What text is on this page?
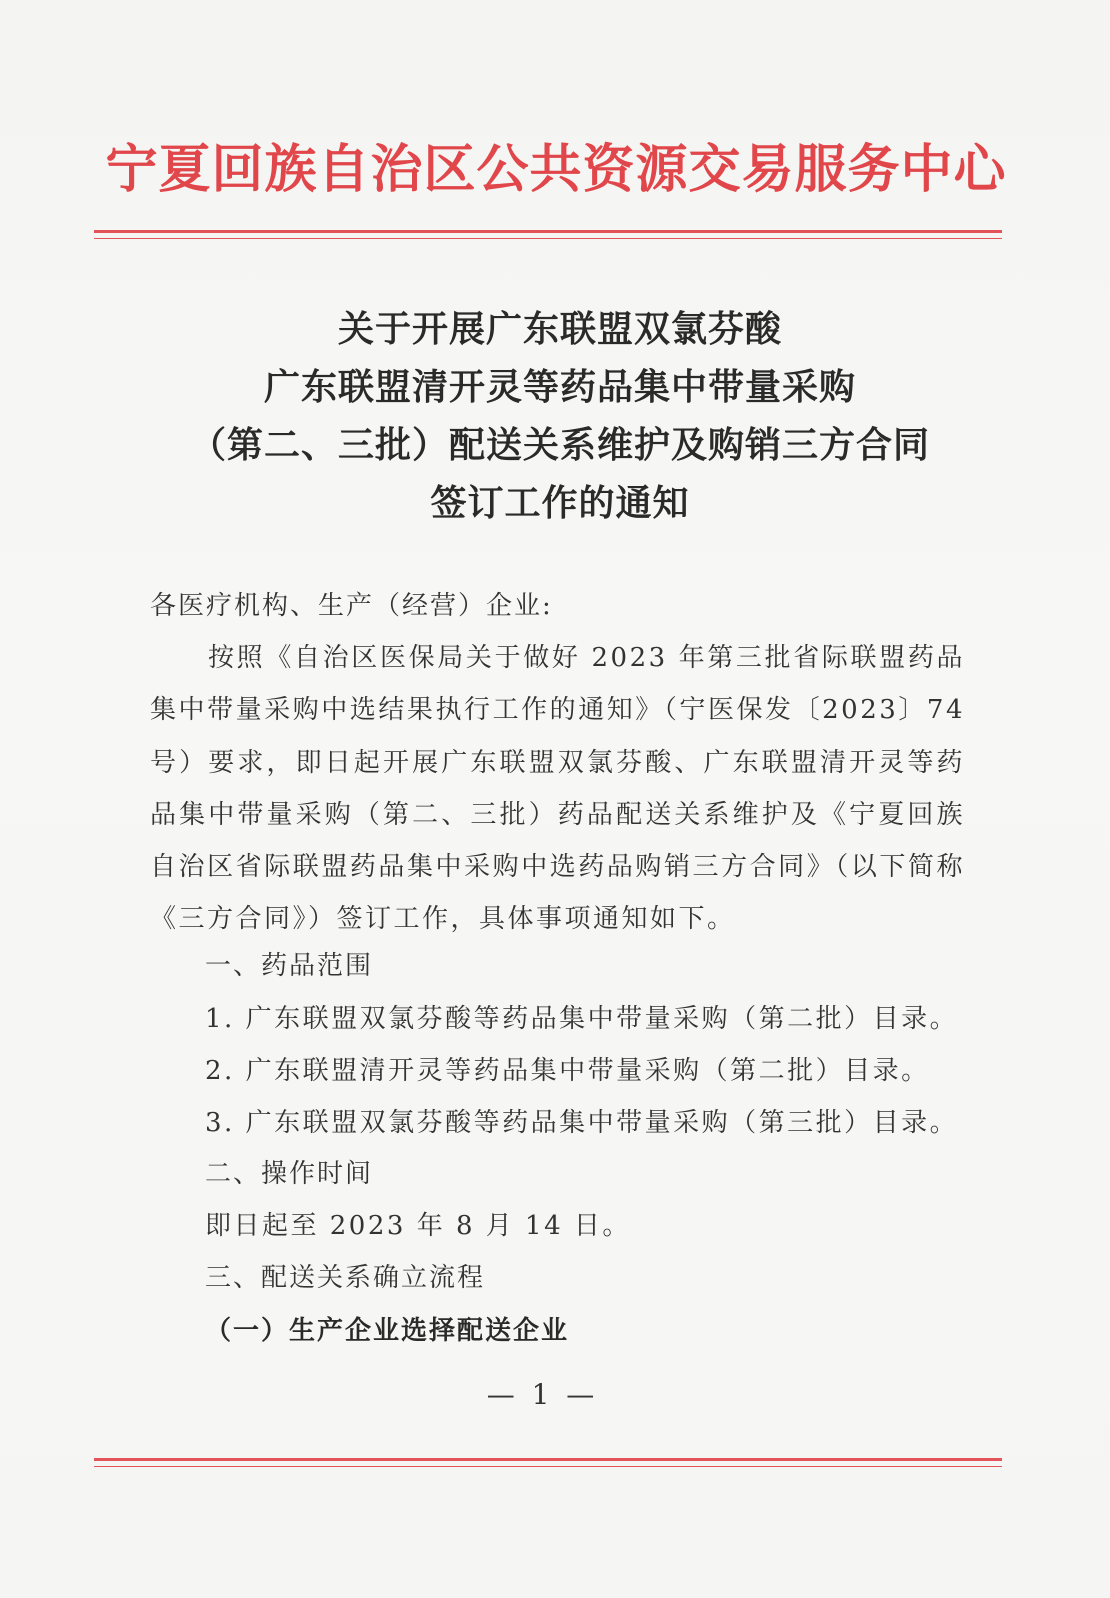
宁夏回族自治区公共资源交易服务中心
关于开展广东联盟双氯芬酸
广东联盟清开灵等药品集中带量采购
（第二、三批）配送关系维护及购销三方合同
签订工作的通知
各医疗机构、生产（经营）企业:
按照《自治区医保局关于做好 2023 年第三批省际联盟药品集中带量采购中选结果执行工作的通知》（宁医保发〔2023〕74号）要求，即日起开展广东联盟双氯芬酸、广东联盟清开灵等药品集中带量采购（第二、三批）药品配送关系维护及《宁夏回族自治区省际联盟药品集中采购中选药品购销三方合同》（以下简称《三方合同》）签订工作，具体事项通知如下。
一、药品范围
1. 广东联盟双氯芬酸等药品集中带量采购（第二批）目录。
2. 广东联盟清开灵等药品集中带量采购（第二批）目录。
3. 广东联盟双氯芬酸等药品集中带量采购（第三批）目录。
二、操作时间
即日起至 2023 年 8 月 14 日。
三、配送关系确立流程
（一）生产企业选择配送企业
— 1 —
